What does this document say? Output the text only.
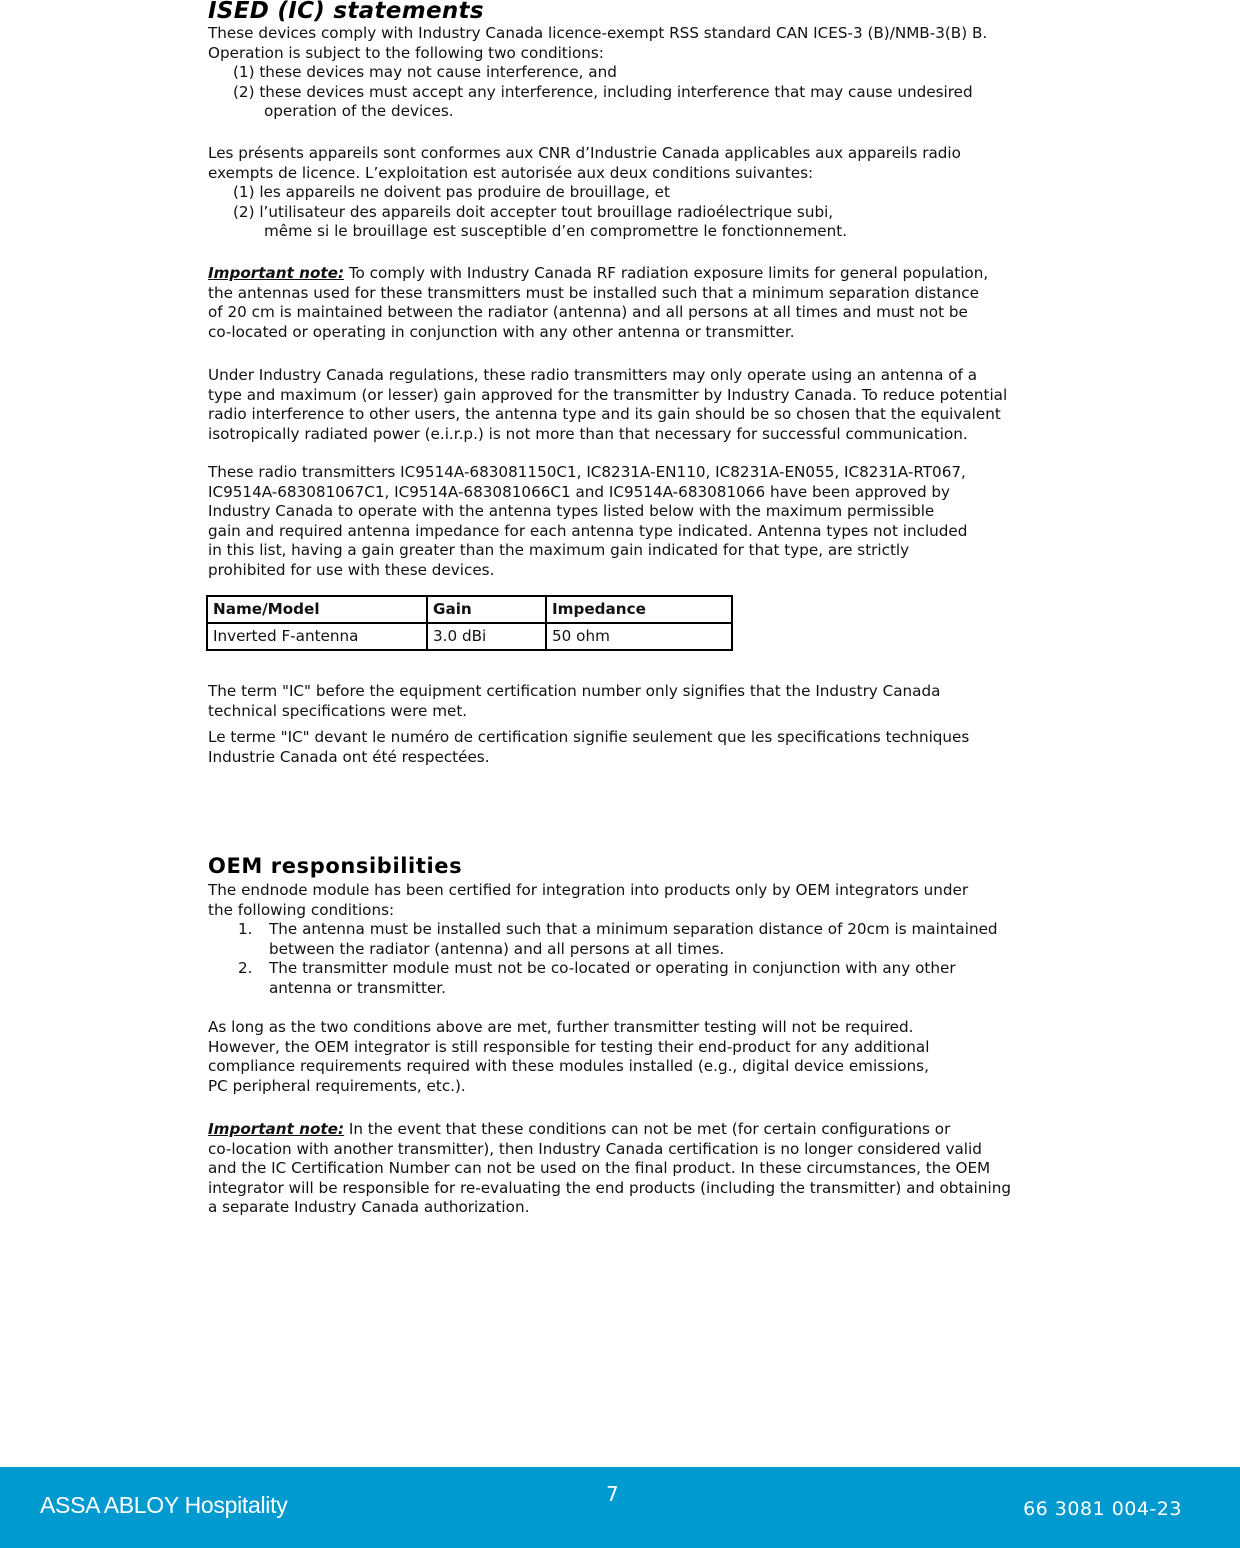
ISED (IC) statements
These devices comply with Industry Canada licence-exempt RSS standard CAN ICES-3 (B)/NMB-3(B) B.
Operation is subject to the following two conditions:
(1) these devices may not cause interference, and
(2) these devices must accept any interference, including interference that may cause undesired
operation of the devices.
Les présents appareils sont conformes aux CNR d’Industrie Canada applicables aux appareils radio
exempts de licence. L’exploitation est autorisée aux deux conditions suivantes:
(1) les appareils ne doivent pas produire de brouillage, et
(2) l’utilisateur des appareils doit accepter tout brouillage radioélectrique subi,
même si le brouillage est susceptible d’en compromettre le fonctionnement.
Important note: To comply with Industry Canada RF radiation exposure limits for general population,
the antennas used for these transmitters must be installed such that a minimum separation distance
of 20 cm is maintained between the radiator (antenna) and all persons at all times and must not be
co-located or operating in conjunction with any other antenna or transmitter.
Under Industry Canada regulations, these radio transmitters may only operate using an antenna of a
type and maximum (or lesser) gain approved for the transmitter by Industry Canada. To reduce potential
radio interference to other users, the antenna type and its gain should be so chosen that the equivalent
isotropically radiated power (e.i.r.p.) is not more than that necessary for successful communication.
These radio transmitters IC9514A-683081150C1, IC8231A-EN110, IC8231A-EN055, IC8231A-RT067,
IC9514A-683081067C1, IC9514A-683081066C1 and IC9514A-683081066 have been approved by
Industry Canada to operate with the antenna types listed below with the maximum permissible
gain and required antenna impedance for each antenna type indicated. Antenna types not included
in this list, having a gain greater than the maximum gain indicated for that type, are strictly
prohibited for use with these devices.
The term "IC" before the equipment certification number only signifies that the Industry Canada
technical specifications were met.
Le terme "IC" devant le numéro de certification signifie seulement que les specifications techniques
Industrie Canada ont été respectées.
OEM responsibilities
The endnode module has been certified for integration into products only by OEM integrators under
the following conditions:
1. The antenna must be installed such that a minimum separation distance of 20cm is maintained
between the radiator (antenna) and all persons at all times.
2. The transmitter module must not be co-located or operating in conjunction with any other
antenna or transmitter.
As long as the two conditions above are met, further transmitter testing will not be required.
However, the OEM integrator is still responsible for testing their end-product for any additional
compliance requirements required with these modules installed (e.g., digital device emissions,
PC peripheral requirements, etc.).
Important note: In the event that these conditions can not be met (for certain configurations or
co-location with another transmitter), then Industry Canada certification is no longer considered valid
and the IC Certification Number can not be used on the final product. In these circumstances, the OEM
integrator will be responsible for re-evaluating the end products (including the transmitter) and obtaining
a separate Industry Canada authorization.
Name/Model	Gain	Impedance
Inverted F-antenna	3.0 dBi	50 ohm
ASSA ABLOY Hospitality	7
66 3081 004-23
